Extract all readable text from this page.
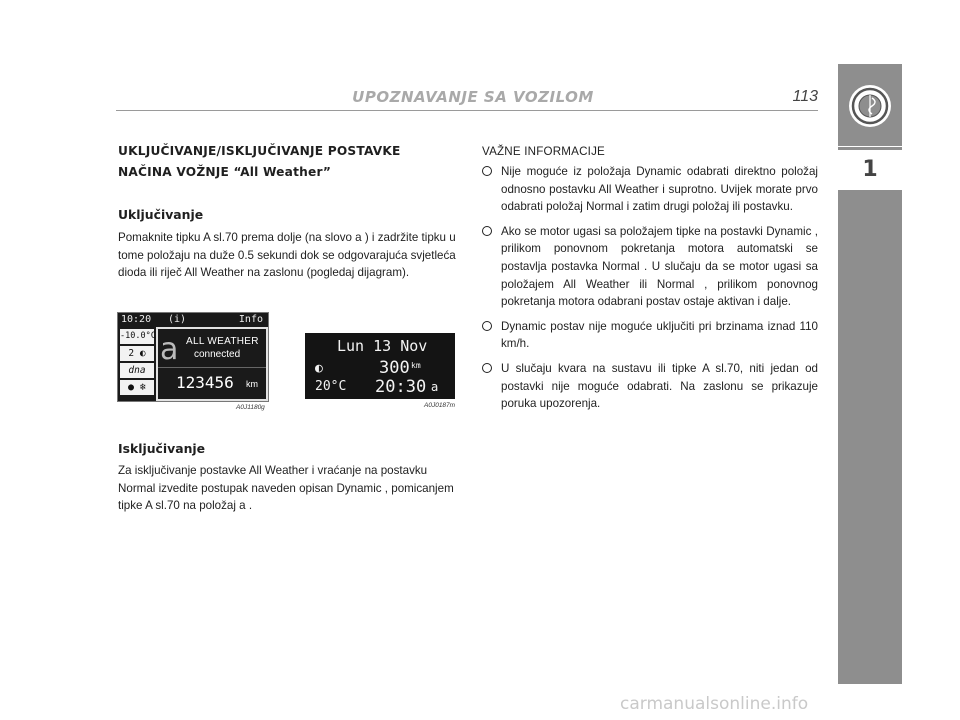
UPOZNAVANJE SA VOZILOM	113
1
UKLJUČIVANJE/ISKLJUČIVANJE POSTAVKE
NAČINA VOŽNJE “All Weather”
Uključivanje
Pomaknite tipku A sl.70 prema dolje (na slovo a ) i zadržite tipku u tome položaju na duže 0.5 sekundi dok se odgovarajuća svjetleća dioda ili riječ All Weather na zaslonu (pogledaj dijagram).
10:20 (i)	Info
-10.0°C
2 ◐
dna
● ❄
a ALL WEATHER
connected
123456 km
A0J1180g
Lun 13 Nov
◐	300 km
20°C 20:30 a
A0J0187m
Isključivanje
Za isključivanje postavke All Weather i vraćanje na postavku Normal izvedite postupak naveden opisan Dynamic , pomicanjem tipke A sl.70 na položaj a .
VAŽNE INFORMACIJE
Nije moguće iz položaja Dynamic odabrati direktno položaj odnosno postavku All Weather i suprotno. Uvijek morate prvo odabrati položaj Normal i zatim drugi položaj ili postavku.
Ako se motor ugasi sa položajem tipke na postavki Dynamic , prilikom ponovnom pokretanja motora automatski se postavlja postavka Normal . U slučaju da se motor ugasi sa položajem All Weather ili Normal , prilikom ponovnog pokretanja motora odabrani postav ostaje aktivan i dalje.
Dynamic postav nije moguće uključiti pri brzinama iznad 110 km/h.
U slučaju kvara na sustavu ili tipke A sl.70, niti jedan od postavki nije moguće odabrati. Na zaslonu se prikazuje poruka upozorenja.
carmanualsonline.info
